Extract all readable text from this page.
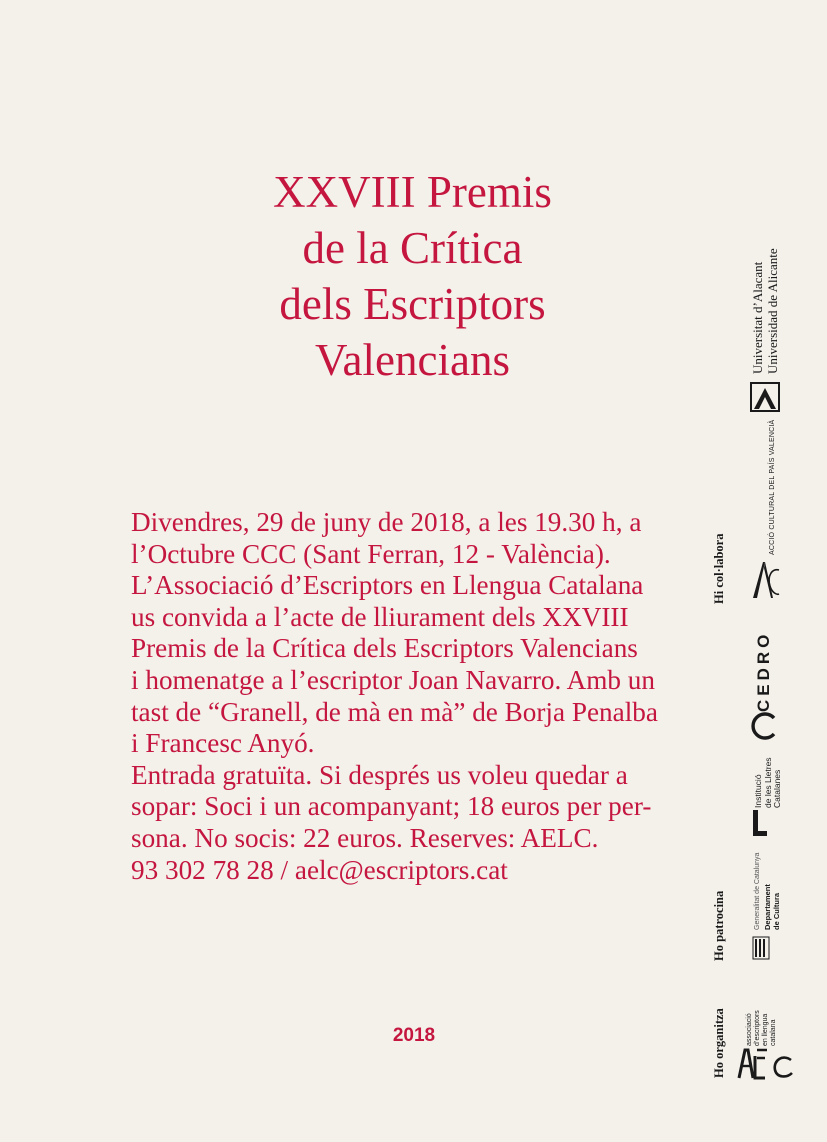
XXVIII Premis
de la Crítica
dels Escriptors
Valencians
Divendres, 29 de juny de 2018, a les 19.30 h, a
l’Octubre CCC (Sant Ferran, 12 - València).
L’Associació d’Escriptors en Llengua Catalana
us convida a l’acte de lliurament dels XXVIII
Premis de la Crítica dels Escriptors Valencians
i homenatge a l’escriptor Joan Navarro. Amb un
tast de “Granell, de mà en mà” de Borja Penalba
i Francesc Anyó.
Entrada gratuïta. Si després us voleu quedar a
sopar: Soci i un acompanyant; 18 euros per per-
sona. No socis: 22 euros. Reserves: AELC.
93 302 78 28 / aelc@escriptors.cat
2018
Hi col·labora
Ho patrocina
Ho organitza
Universitat d’Alacant Universidad de Alicante
ACCIÓ CULTURAL DEL PAÍS VALENCIÀ
CEDRO
Institució de les Lletres Catalanes
Generalitat de Catalunya Departament de Cultura
associació d’escriptors en llengua catalana
